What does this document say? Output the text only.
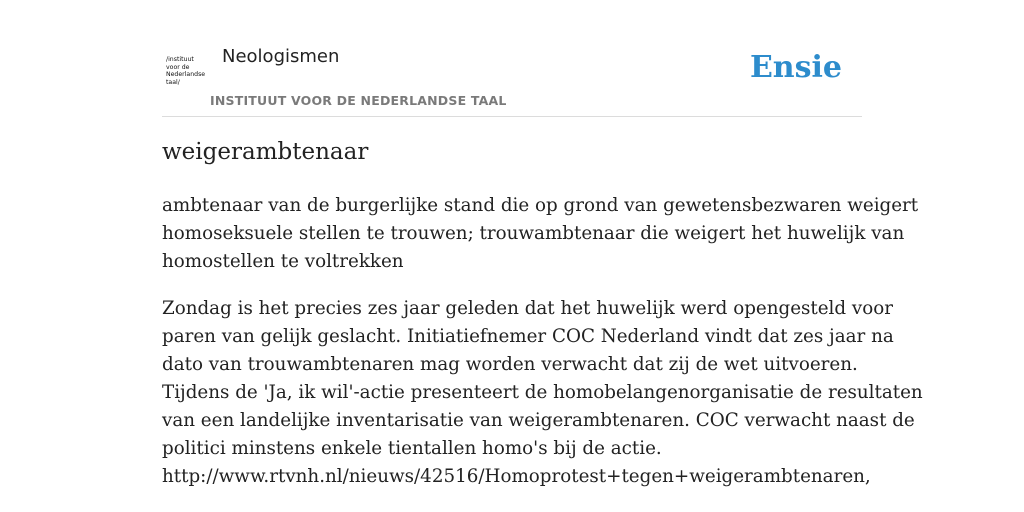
/instituut
voor de
Nederlandse
taal/
Neologismen
INSTITUUT VOOR DE NEDERLANDSE TAAL
Ensie
weigerambtenaar

ambtenaar van de burgerlijke stand die op grond van gewetensbezwaren weigert
homoseksuele stellen te trouwen; trouwambtenaar die weigert het huwelijk van
homostellen te voltrekken

Zondag is het precies zes jaar geleden dat het huwelijk werd opengesteld voor
paren van gelijk geslacht. Initiatiefnemer COC Nederland vindt dat zes jaar na
dato van trouwambtenaren mag worden verwacht dat zij de wet uitvoeren.
Tijdens de 'Ja, ik wil'-actie presenteert de homobelangenorganisatie de resultaten
van een landelijke inventarisatie van weigerambtenaren. COC verwacht naast de
politici minstens enkele tientallen homo's bij de actie.
http://www.rtvnh.nl/nieuws/42516/Homoprotest+tegen+weigerambtenaren,
